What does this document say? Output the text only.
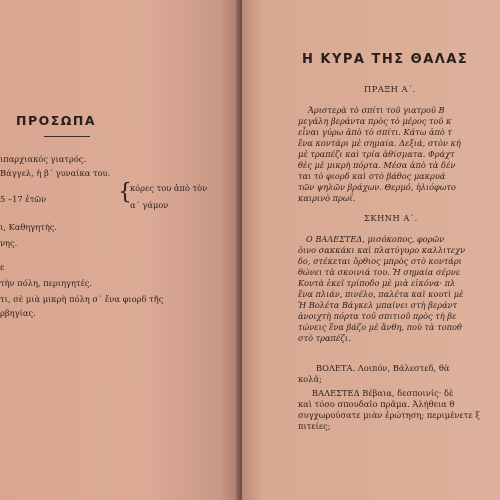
ΠΡΟΣΩΠΑ
ιπαρχιακός γιατρός.
Βάγγελ, ἡ β΄ γυναίκα του.
κόρες του ἀπὸ τὸν
5 –17 ἐτῶν	{
α΄ γάμον
ι, Καθηγητής.
νης.
ε
τὴν πόλη, περιηγητές.
τι, σὲ μιὰ μικρὴ πόλη σ΄ ἕνα φιορδ τῆς
ρβηγίας.
Η ΚΥΡΑ ΤΗΣ ΘΑΛΑΣ
ΠΡΑΞΗ Α΄.
Ἀριστερὰ τὸ σπίτι τοῦ γιατροῦ Β
μεγάλη βεράντα πρὸς τὸ μέρος τοῦ κ
εἶναι γύρω ἀπὸ τὸ σπίτι. Κάτω ἀπὸ τ
ἕνα κοντάρι μὲ σημαία. Δεξιά, στὸν κή
μὲ τραπέζι καὶ τρία ἀθίσματα. Φράχτ
θὲς μὲ μικρὴ πόρτα. Μέσα ἀπὸ τὰ δέν
ται τὸ φιορδ καὶ στὸ βάθος μακρυά
τῶν ψηλῶν βράχων. Θερμό, ἠλιόφωτο
καιρινὸ πρωΐ.
ΣΚΗΝΗ Α΄.
Ο ΒΑΛΕΣΤΕΔ, μισόκοπος, φορῶν
ὀινο σακκάκι καὶ πλατύγυρο καλλιτεχν
δο, στέκεται ὄρθιος μπρὸς στὸ κοντάρι
θώνει τὰ σκοινιά του. Ἡ σημαία σέρνε
Κοντὰ ἐκεῖ τρίποδο μὲ μιὰ εἰκόνα· πλ
ἕνα πλιάν, πινέλο, παλέτα καὶ κουτὶ μὲ
Ἡ Βολέτα Βάγκελ μπαίνει στὴ βεράντ
ἀνοιχτὴ πόρτα τοῦ σπιτιοῦ πρὸς τὴ βε
τώνεις ἕνα βάζο μὲ ἄνθη, ποὺ τὰ τοποθ
στὸ τραπέζι.
ΒΟΛΕΤΑ. Λοιπόν, Βάλεστεδ, θὰ
κολᾶ;
ΒΑΛΕΣΤΕΔ Βέβαια, δεσποινίς· δὲ
καὶ τόσο σπουδαῖο πρᾶμα. Ἀλήθεια θ
συγχωρούσατε μιὰν ἐρώτηση; περιμένετε ξ
πιτείες;
